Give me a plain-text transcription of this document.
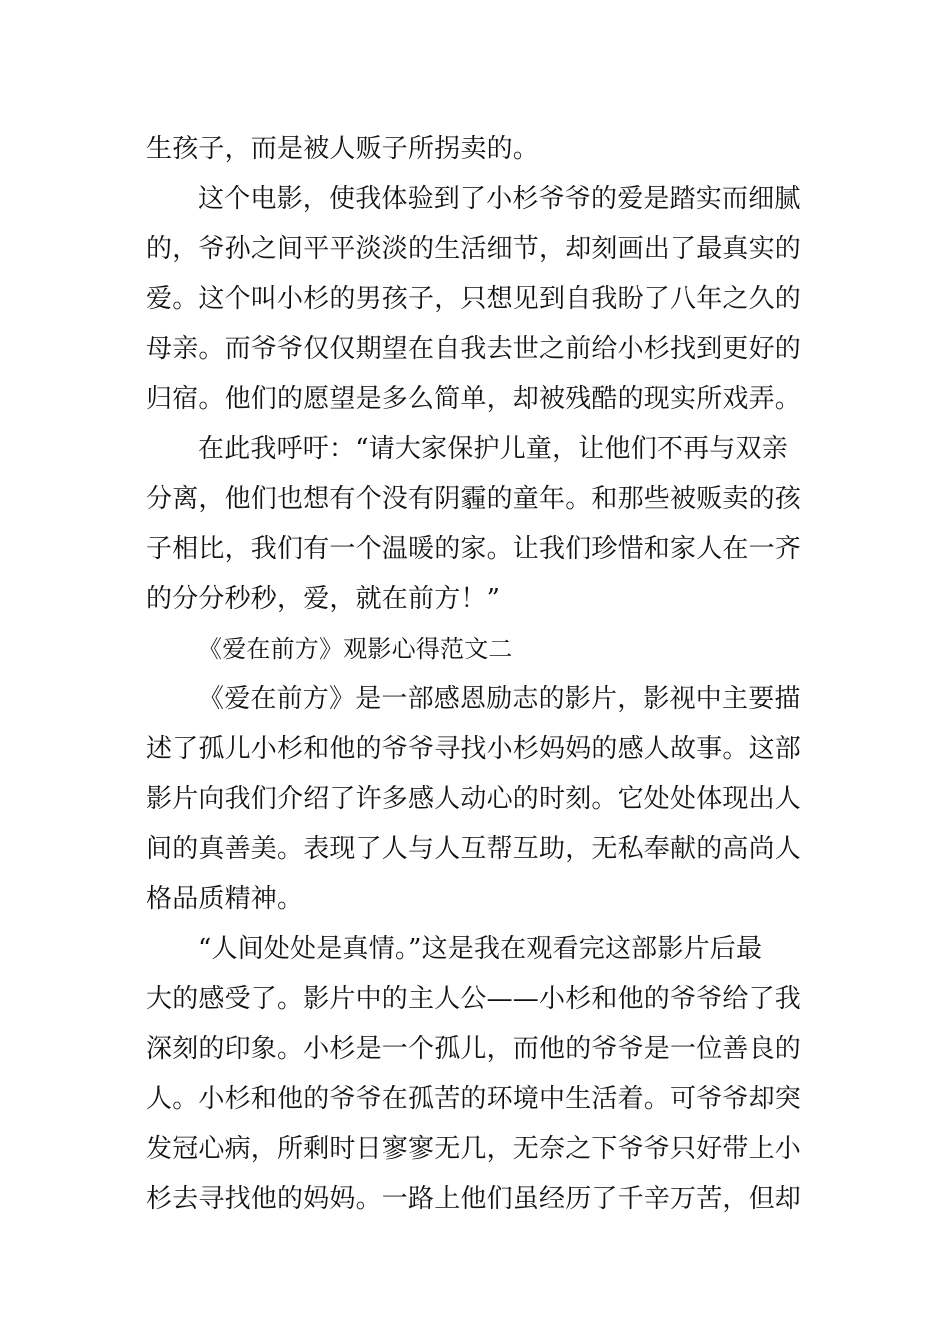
生孩子，而是被人贩子所拐卖的。
这个电影，使我体验到了小杉爷爷的爱是踏实而细腻
的，爷孙之间平平淡淡的生活细节，却刻画出了最真实的
爱。这个叫小杉的男孩子，只想见到自我盼了八年之久的
母亲。而爷爷仅仅期望在自我去世之前给小杉找到更好的
归宿。他们的愿望是多么简单，却被残酷的现实所戏弄。
在此我呼吁：“请大家保护儿童，让他们不再与双亲
分离，他们也想有个没有阴霾的童年。和那些被贩卖的孩
子相比，我们有一个温暖的家。让我们珍惜和家人在一齐
的分分秒秒，爱，就在前方！”
《爱在前方》观影心得范文二
《爱在前方》是一部感恩励志的影片，影视中主要描
述了孤儿小杉和他的爷爷寻找小杉妈妈的感人故事。这部
影片向我们介绍了许多感人动心的时刻。它处处体现出人
间的真善美。表现了人与人互帮互助，无私奉献的高尚人
格品质精神。
“人间处处是真情。”这是我在观看完这部影片后最
大的感受了。影片中的主人公——小杉和他的爷爷给了我
深刻的印象。小杉是一个孤儿，而他的爷爷是一位善良的
人。小杉和他的爷爷在孤苦的环境中生活着。可爷爷却突
发冠心病，所剩时日寥寥无几，无奈之下爷爷只好带上小
杉去寻找他的妈妈。一路上他们虽经历了千辛万苦，但却
